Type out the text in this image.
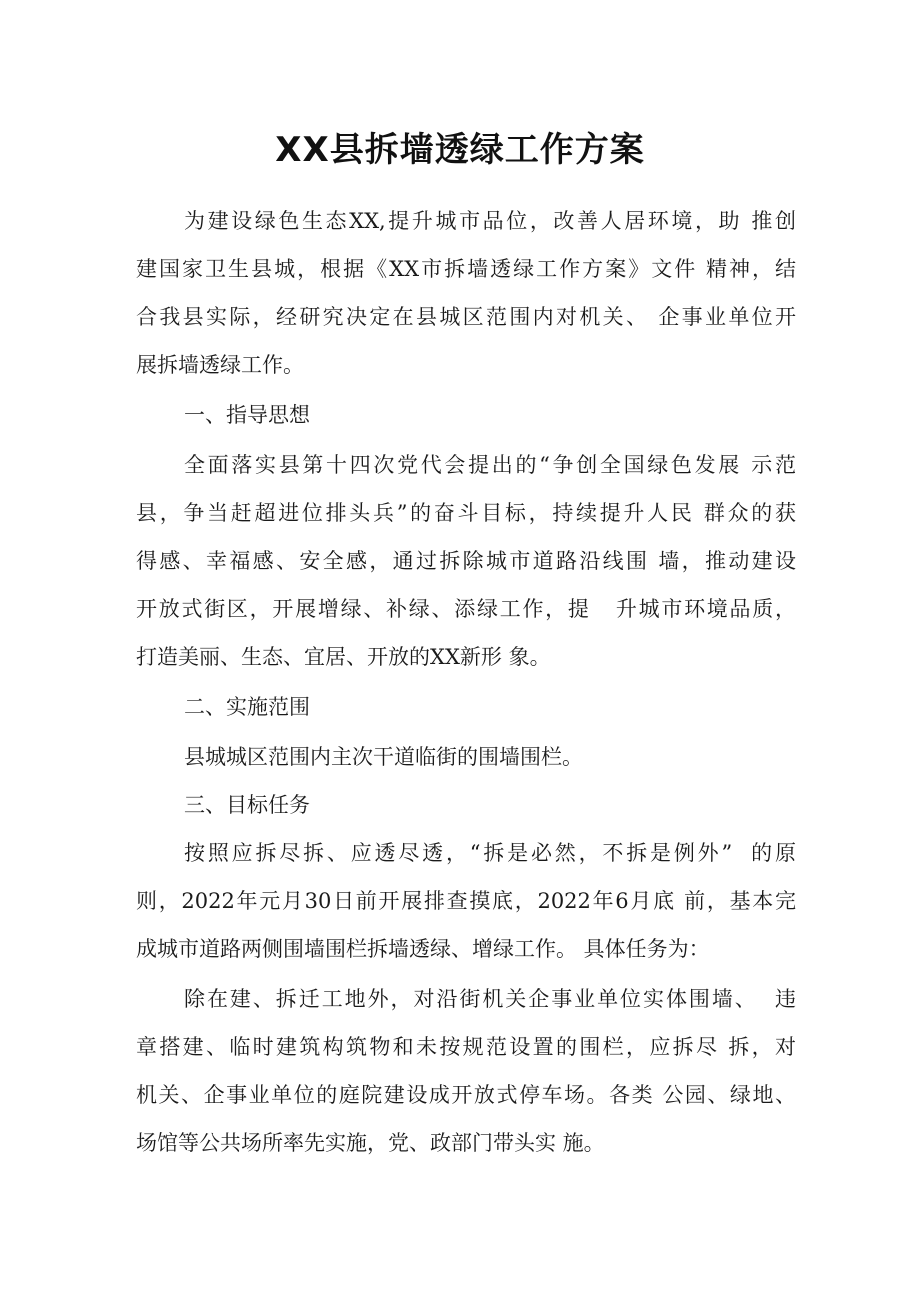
XX县拆墙透绿工作方案

为建设绿色生态XX,提升城市品位，改善人居环境，助 推创

建国家卫生县城，根据《XX市拆墙透绿工作方案》文件 精神，结

合我县实际，经研究决定在县城区范围内对机关、 企事业单位开

展拆墙透绿工作。

一、指导思想

全面落实县第十四次党代会提出的“争创全国绿色发展 示范

县，争当赶超进位排头兵”的奋斗目标，持续提升人民 群众的获

得感、幸福感、安全感，通过拆除城市道路沿线围 墙，推动建设

开放式街区，开展增绿、补绿、添绿工作，提   升城市环境品质，

打造美丽、生态、宜居、开放的XX新形 象。

二、实施范围

县城城区范围内主次干道临街的围墙围栏。

三、目标任务

按照应拆尽拆、应透尽透，“拆是必然，不拆是例外”  的原

则，2022年元月30日前开展排查摸底，2022年6月底 前，基本完

成城市道路两侧围墙围栏拆墙透绿、增绿工作。 具体任务为：

除在建、拆迁工地外，对沿街机关企事业单位实体围墙、  违

章搭建、临时建筑构筑物和未按规范设置的围栏，应拆尽 拆，对

机关、企事业单位的庭院建设成开放式停车场。各类 公园、绿地、

场馆等公共场所率先实施，党、政部门带头实 施。
